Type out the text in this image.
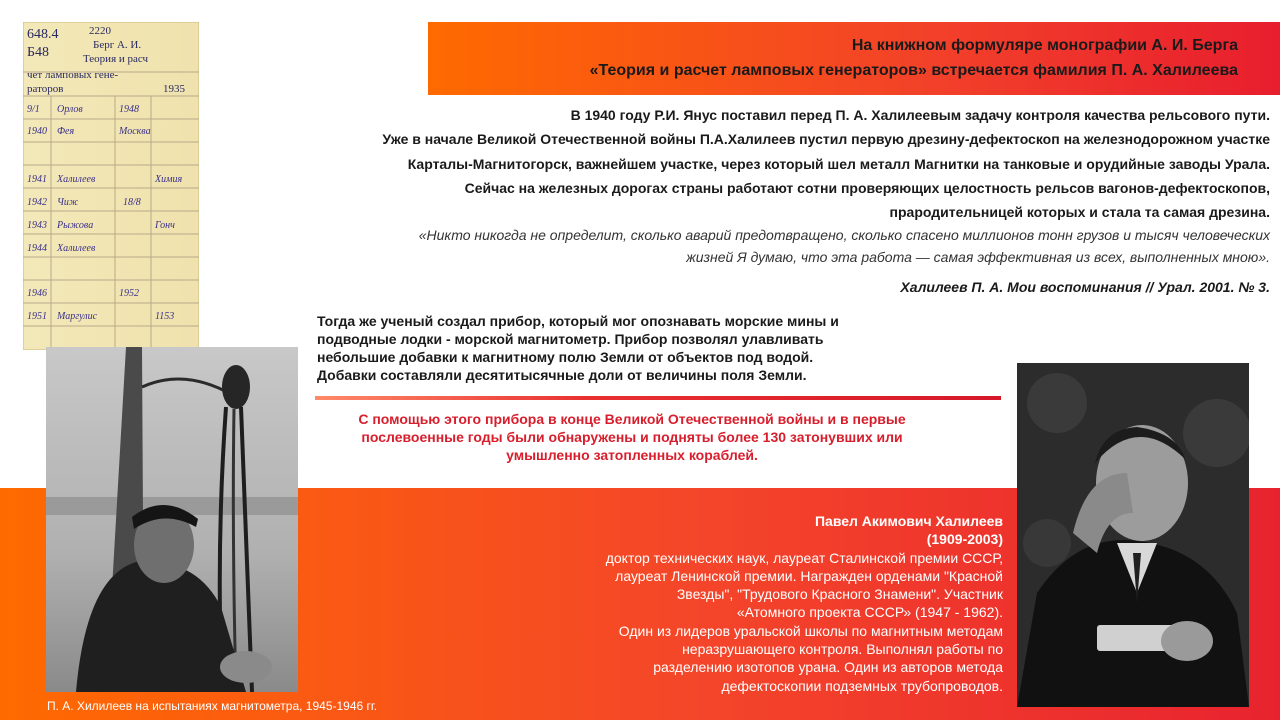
На книжном формуляре монографии А. И. Берга
«Теория и расчет ламповых генераторов» встречается фамилия П. А. Халилеева
648.4
Б48
2220
Берг А. И.
Теория и расч
чет ламповых гене-
раторов	1935
9/1 Орлов	1948
1940 Фея	Москва
1941 Халилеев	Химия
1942 Чиж	18/8
1943 Рыжова	Гонч
1944 Халилеев
1946	1952
1951 Маргулис	1153
В 1940 году Р.И. Янус поставил перед П. А. Халилеевым задачу контроля качества рельсового пути.
Уже в начале Великой Отечественной войны П.А.Халилеев пустил первую дрезину-дефектоскоп на железнодорожном участке
Карталы-Магнитогорск, важнейшем участке, через который шел металл Магнитки на танковые и орудийные заводы Урала.
Сейчас на железных дорогах страны работают сотни проверяющих целостность рельсов вагонов-дефектоскопов,
прародительницей которых и стала та самая дрезина.
«Никто никогда не определит, сколько аварий предотвращено, сколько спасено миллионов тонн грузов и тысяч человеческих
жизней Я думаю, что эта работа — самая эффективная из всех, выполненных мною».
Халилеев П. А. Мои воспоминания // Урал. 2001. № 3.
Тогда же ученый создал прибор, который мог опознавать морские мины и
подводные лодки - морской магнитометр. Прибор позволял улавливать
небольшие добавки к магнитному полю Земли от объектов под водой.
Добавки составляли десятитысячные доли от величины поля Земли.
С помощью этого прибора в конце Великой Отечественной войны и в первые
послевоенные годы были обнаружены и подняты более 130 затонувших или
умышленно затопленных кораблей.
Павел Акимович Халилеев
(1909-2003)
доктор технических наук, лауреат Сталинской премии СССР,
лауреат Ленинской премии. Награжден орденами "Красной
Звезды", "Трудового Красного Знамени". Участник
«Атомного проекта СССР» (1947 - 1962).
Один из лидеров уральской школы по магнитным методам
неразрушающего контроля. Выполнял работы по
разделению изотопов урана. Один из авторов метода
дефектоскопии подземных трубопроводов.
П. А. Хилилеев на испытаниях магнитометра, 1945-1946 гг.
